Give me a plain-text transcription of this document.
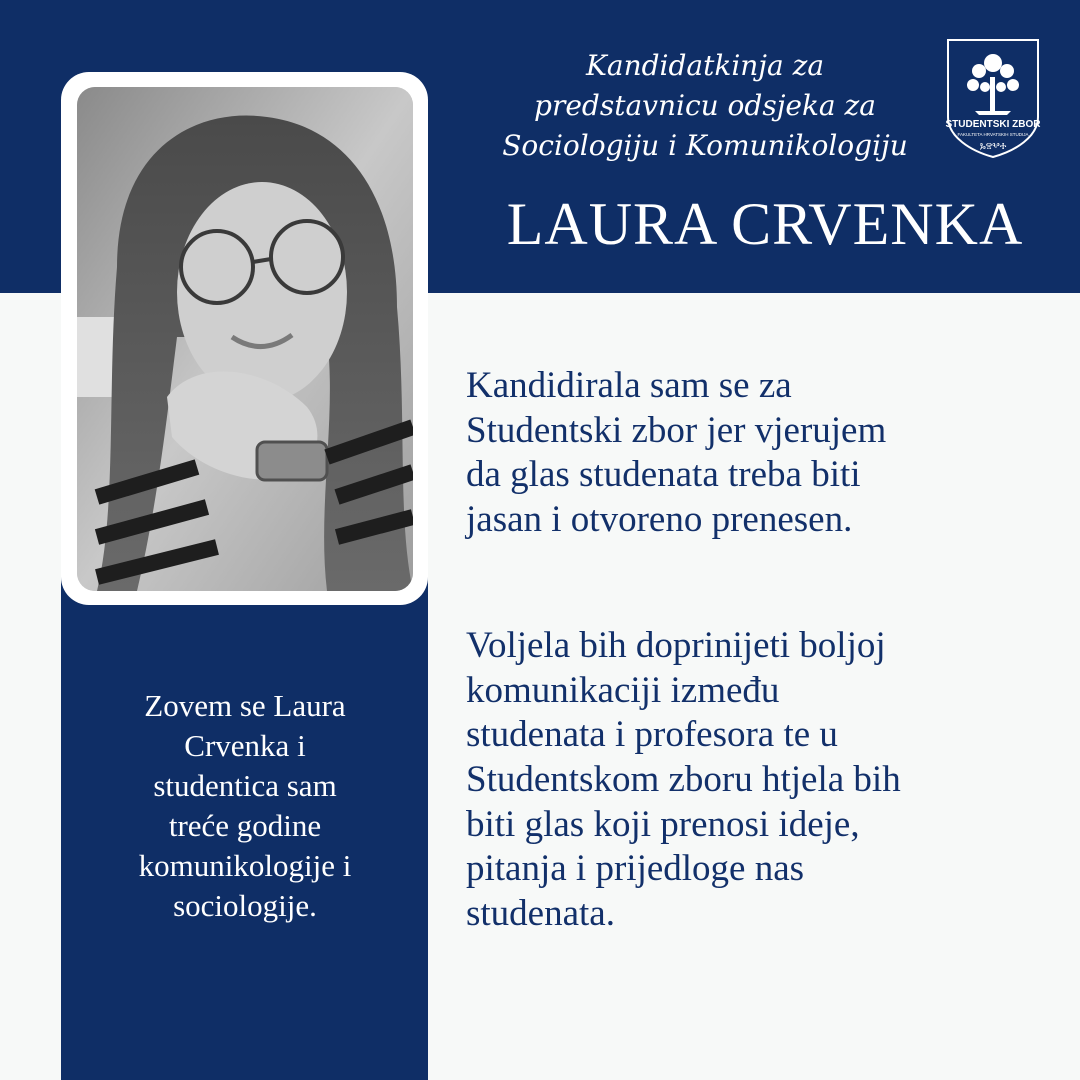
Kandidatkinja za
predstavnicu odsjeka za
Sociologiju i Komunikologiju
LAURA CRVENKA
ⰃⰔⰂⰀ
STUDENTSKI ZBOR
FAKULTETA HRVATSKIH STUDIJA
Zovem se Laura
Crvenka i
studentica sam
treće godine
komunikologije i
sociologije.
Kandidirala sam se za
Studentski zbor jer vjerujem
da glas studenata treba biti
jasan i otvoreno prenesen.
Voljela bih doprinijeti boljoj
komunikaciji između
studenata i profesora te u
Studentskom zboru htjela bih
biti glas koji prenosi ideje,
pitanja i prijedloge nas
studenata.
